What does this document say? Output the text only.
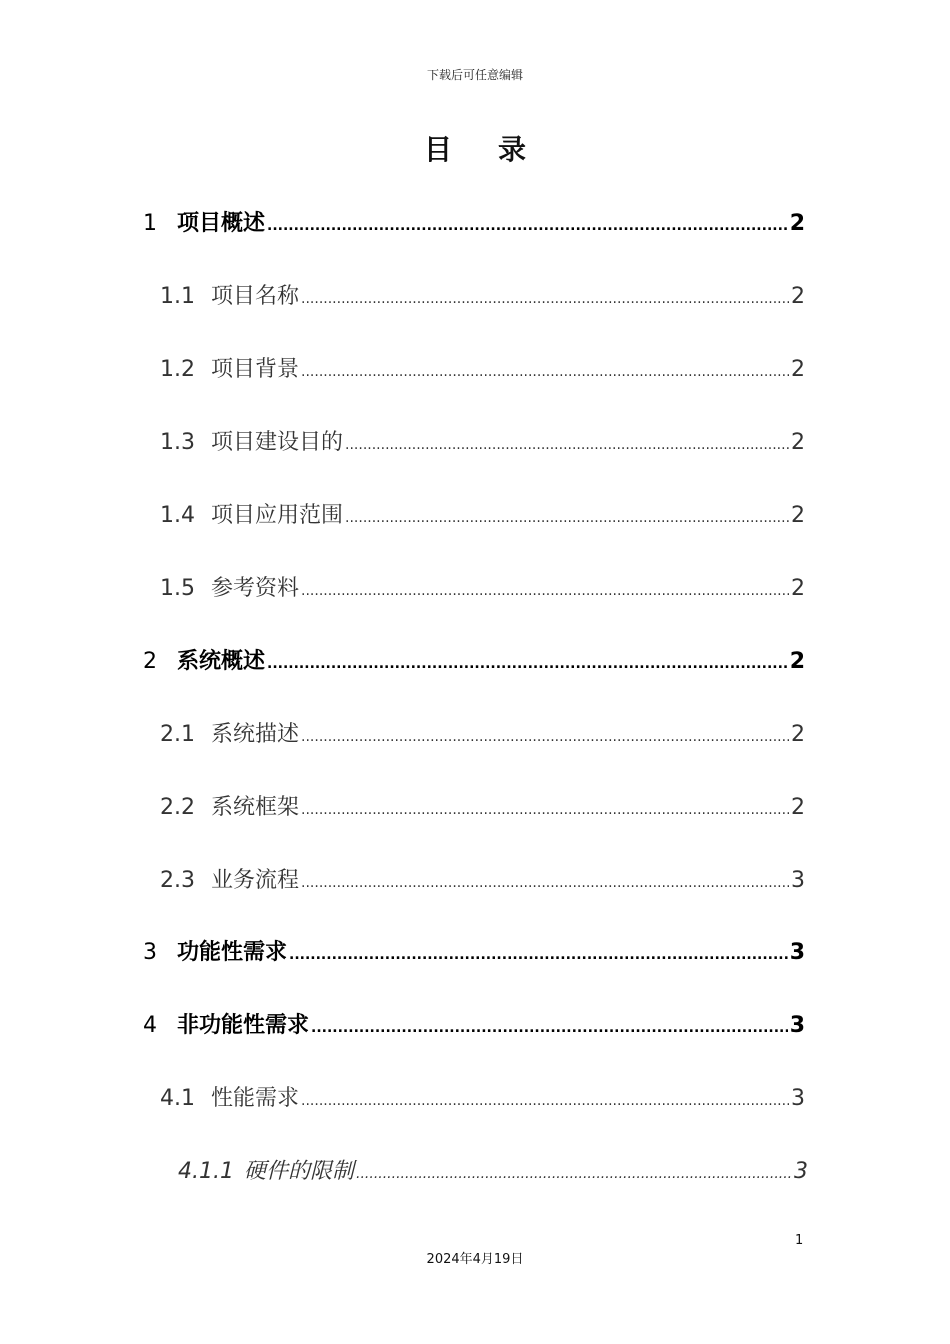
下载后可任意编辑
目 录
1 项目概述 .....	2
1.1 项目名称 .....	2
1.2 项目背景 .....	2
1.3 项目建设目的 .....	2
1.4 项目应用范围 .....	2
1.5 参考资料 .....	2
2 系统概述 .....	2
2.1 系统描述 .....	2
2.2 系统框架 .....	2
2.3 业务流程 .....	3
3 功能性需求 .....	3
4 非功能性需求 .....	3
4.1 性能需求 .....	3
4.1.1 硬件的限制 .....	3
1
2024年4月19日
